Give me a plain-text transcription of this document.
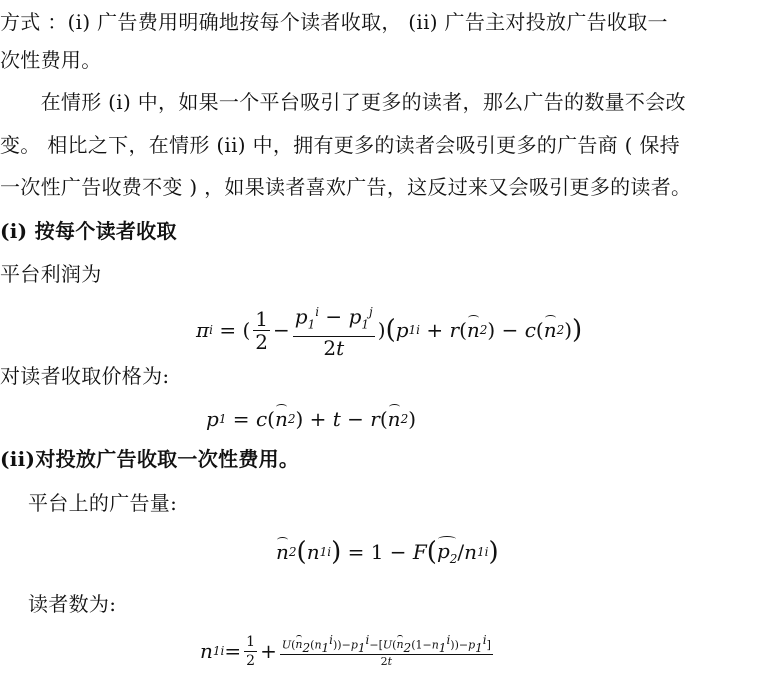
方式 ：(i) 广告费用明确地按每个读者收取， (ii) 广告主对投放广告收取一
次性费用。
　　在情形 (i) 中，如果一个平台吸引了更多的读者，那么广告的数量不会改
变。 相比之下，在情形 (ii) 中，拥有更多的读者会吸引更多的广告商 ( 保持
一次性广告收费不变 ) ，如果读者喜欢广告，这反过来又会吸引更多的读者。
(i) 按每个读者收取
平台利润为
π i = ( $\frac{1}{2} - \frac{p_1^i - p_1^j}{2t}$ ) ( p 1 i + r ( n 2 ) − c ( n 2 ) )
对读者收取价格为:
p 1 = c ( n 2 ) + t − r ( n 2 )
(ii)对投放广告收取一次性费用。
平台上的广告量:
n 2 ( n 1 i ) = 1 − F ( $p_2$ / n 1 i )
读者数为:
n 1 $i = \frac{1}{2} + \frac{U(n_2(n_1^i))-p_1^i-[U(n_2(1-n_1^i))-p_1^i]}{2t}$
